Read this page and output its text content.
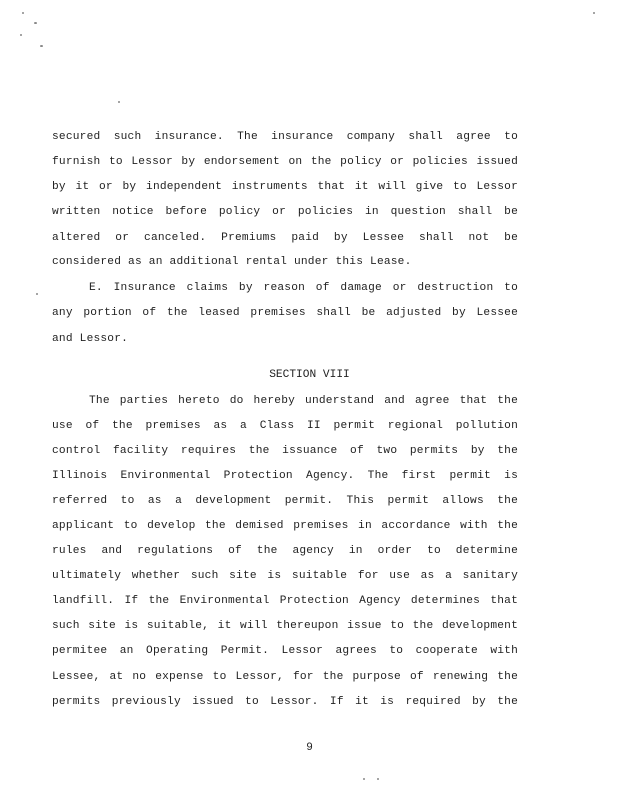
secured such insurance. The insurance company shall agree to
furnish to Lessor by endorsement on the policy or policies issued
by it or by independent instruments that it will give to Lessor
written notice before policy or policies in question shall be
altered or canceled. Premiums paid by Lessee shall not be
considered as an additional rental under this Lease.
E. Insurance claims by reason of damage or destruction to
any portion of the leased premises shall be adjusted by Lessee
and Lessor.
SECTION VIII
The parties hereto do hereby understand and agree that the
use of the premises as a Class II permit regional pollution
control facility requires the issuance of two permits by the
Illinois Environmental Protection Agency. The first permit is
referred to as a development permit. This permit allows the
applicant to develop the demised premises in accordance with the
rules and regulations of the agency in order to determine
ultimately whether such site is suitable for use as a sanitary
landfill. If the Environmental Protection Agency determines that
such site is suitable, it will thereupon issue to the development
permitee an Operating Permit. Lessor agrees to cooperate with
Lessee, at no expense to Lessor, for the purpose of renewing the
permits previously issued to Lessor. If it is required by the
9
